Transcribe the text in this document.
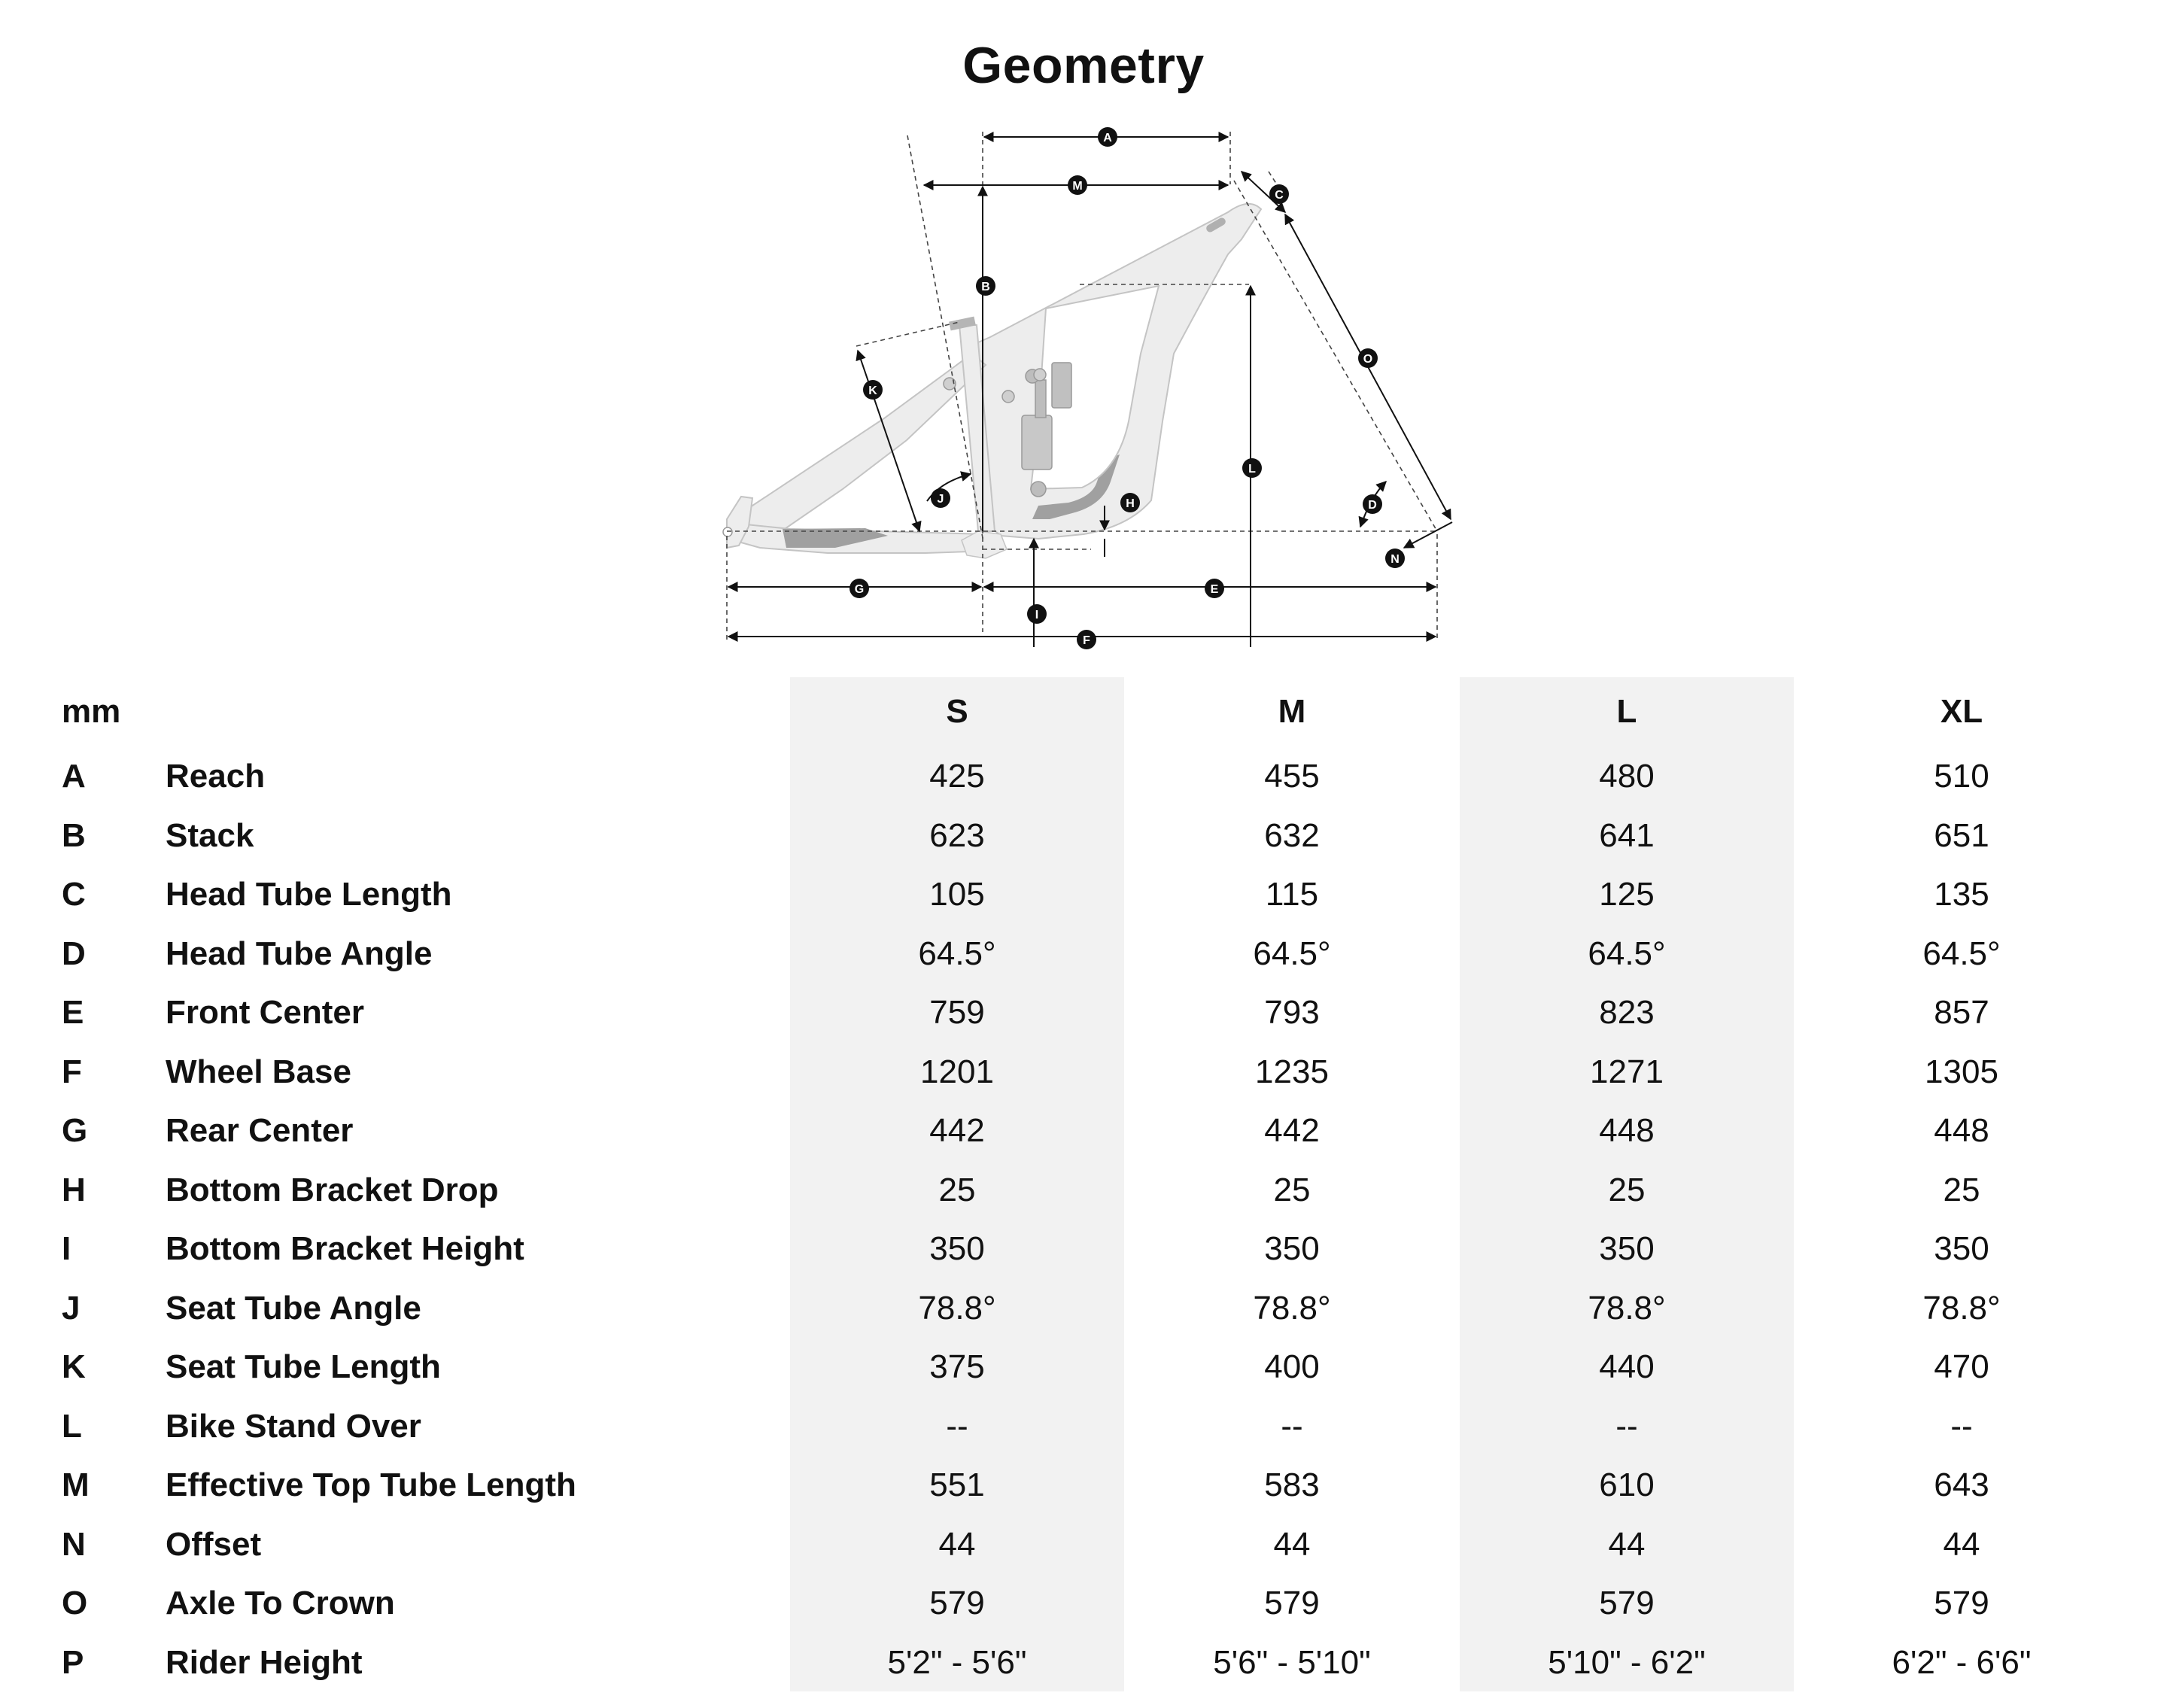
Geometry
A
M
C
B
O
K
L
J	H	D
N
G	E
I
F
mm	S	M	L	XL
A	Reach	425	455	480	510
B	Stack	623	632	641	651
C	Head Tube Length	105	115	125	135
D	Head Tube Angle	64.5°	64.5°	64.5°	64.5°
E	Front Center	759	793	823	857
F	Wheel Base	1201	1235	1271	1305
G	Rear Center	442	442	448	448
H	Bottom Bracket Drop	25	25	25	25
I	Bottom Bracket Height	350	350	350	350
J	Seat Tube Angle	78.8°	78.8°	78.8°	78.8°
K	Seat Tube Length	375	400	440	470
L	Bike Stand Over	--	--	--	--
M	Effective Top Tube Length	551	583	610	643
N	Offset	44	44	44	44
O	Axle To Crown	579	579	579	579
P	Rider Height	5'2" - 5'6"	5'6" - 5'10"	5'10" - 6'2"	6'2" - 6'6"
